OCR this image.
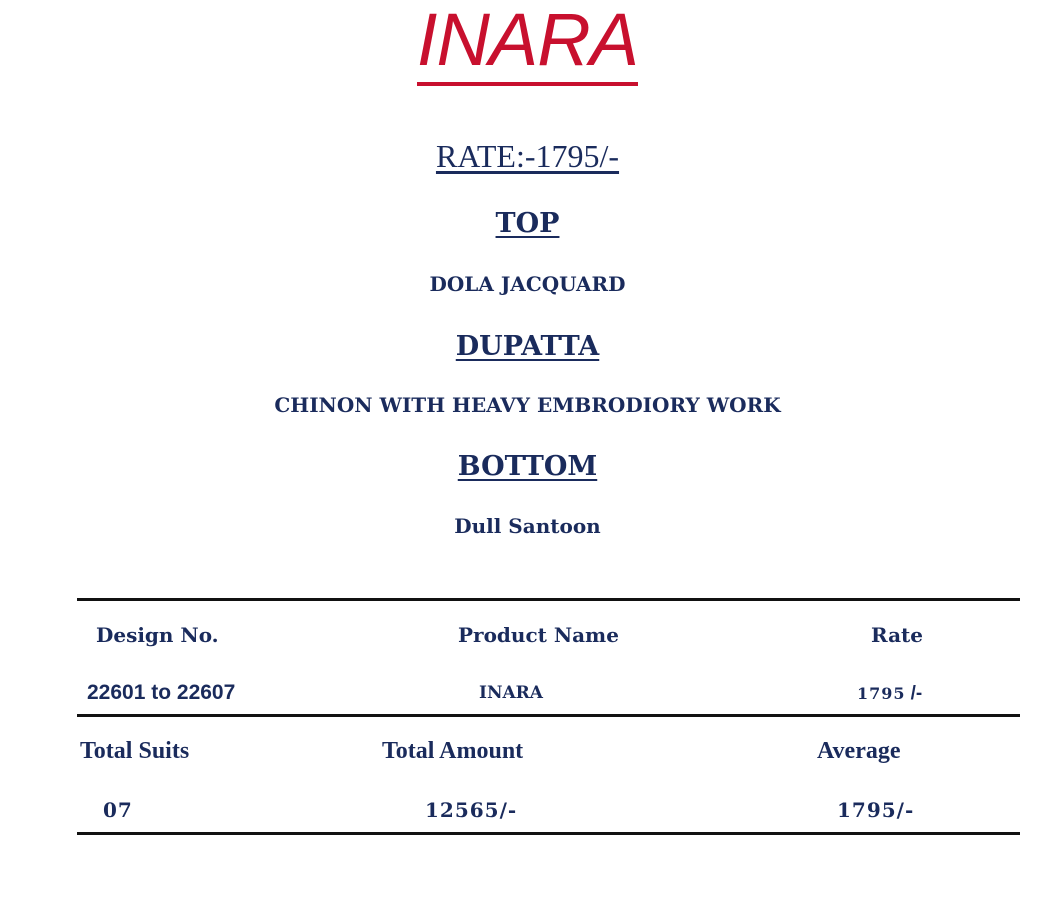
INARA
RATE:-1795/-
TOP
DOLA JACQUARD
DUPATTA
CHINON WITH HEAVY EMBRODIORY WORK
BOTTOM
Dull Santoon
Design No.	Product Name	Rate
22601 to 22607	INARA	1795 /-
Total Suits	Total Amount	Average
07	12565/-	1795/-
